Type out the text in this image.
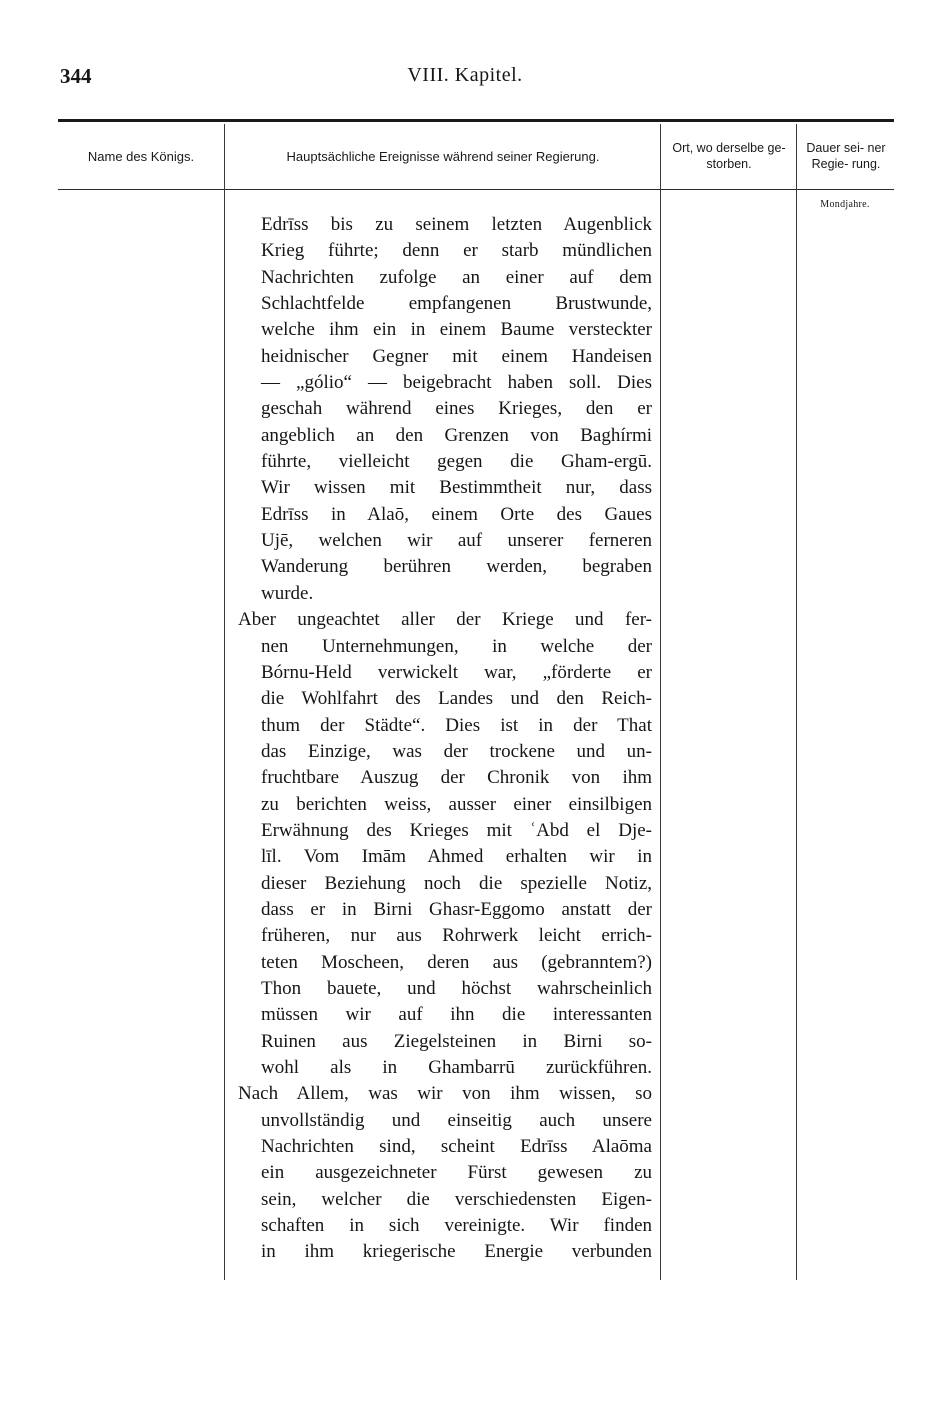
344	VIII. Kapitel.
Name des Königs.	Hauptsächliche Ereignisse während seiner Regierung.
Ort, wo derselbe ge- storben.
Dauer sei- ner Regie- rung.
Mondjahre.
Edrīss bis zu seinem letzten Augenblick
Krieg führte; denn er starb mündlichen
Nachrichten zufolge an einer auf dem
Schlachtfelde empfangenen Brustwunde,
welche ihm ein in einem Baume versteckter
heidnischer Gegner mit einem Handeisen
— „gólio“ — beigebracht haben soll. Dies
geschah während eines Krieges, den er
angeblich an den Grenzen von Baghírmi
führte, vielleicht gegen die Gham-ergū.
Wir wissen mit Bestimmtheit nur, dass
Edrīss in Alaō, einem Orte des Gaues
Ujē, welchen wir auf unserer ferneren
Wanderung berühren werden, begraben
wurde.
Aber ungeachtet aller der Kriege und fer-
nen Unternehmungen, in welche der
Bórnu-Held verwickelt war, „förderte er
die Wohlfahrt des Landes und den Reich-
thum der Städte“. Dies ist in der That
das Einzige, was der trockene und un-
fruchtbare Auszug der Chronik von ihm
zu berichten weiss, ausser einer einsilbigen
Erwähnung des Krieges mit ʿAbd el Dje-
līl. Vom Imām Ahmed erhalten wir in
dieser Beziehung noch die spezielle Notiz,
dass er in Birni Ghasr-Eggomo anstatt der
früheren, nur aus Rohrwerk leicht errich-
teten Moscheen, deren aus (gebranntem?)
Thon bauete, und höchst wahrscheinlich
müssen wir auf ihn die interessanten
Ruinen aus Ziegelsteinen in Birni so-
wohl als in Ghambarrū zurückführen.
Nach Allem, was wir von ihm wissen, so
unvollständig und einseitig auch unsere
Nachrichten sind, scheint Edrīss Alaōma
ein ausgezeichneter Fürst gewesen zu
sein, welcher die verschiedensten Eigen-
schaften in sich vereinigte. Wir finden
in ihm kriegerische Energie verbunden
